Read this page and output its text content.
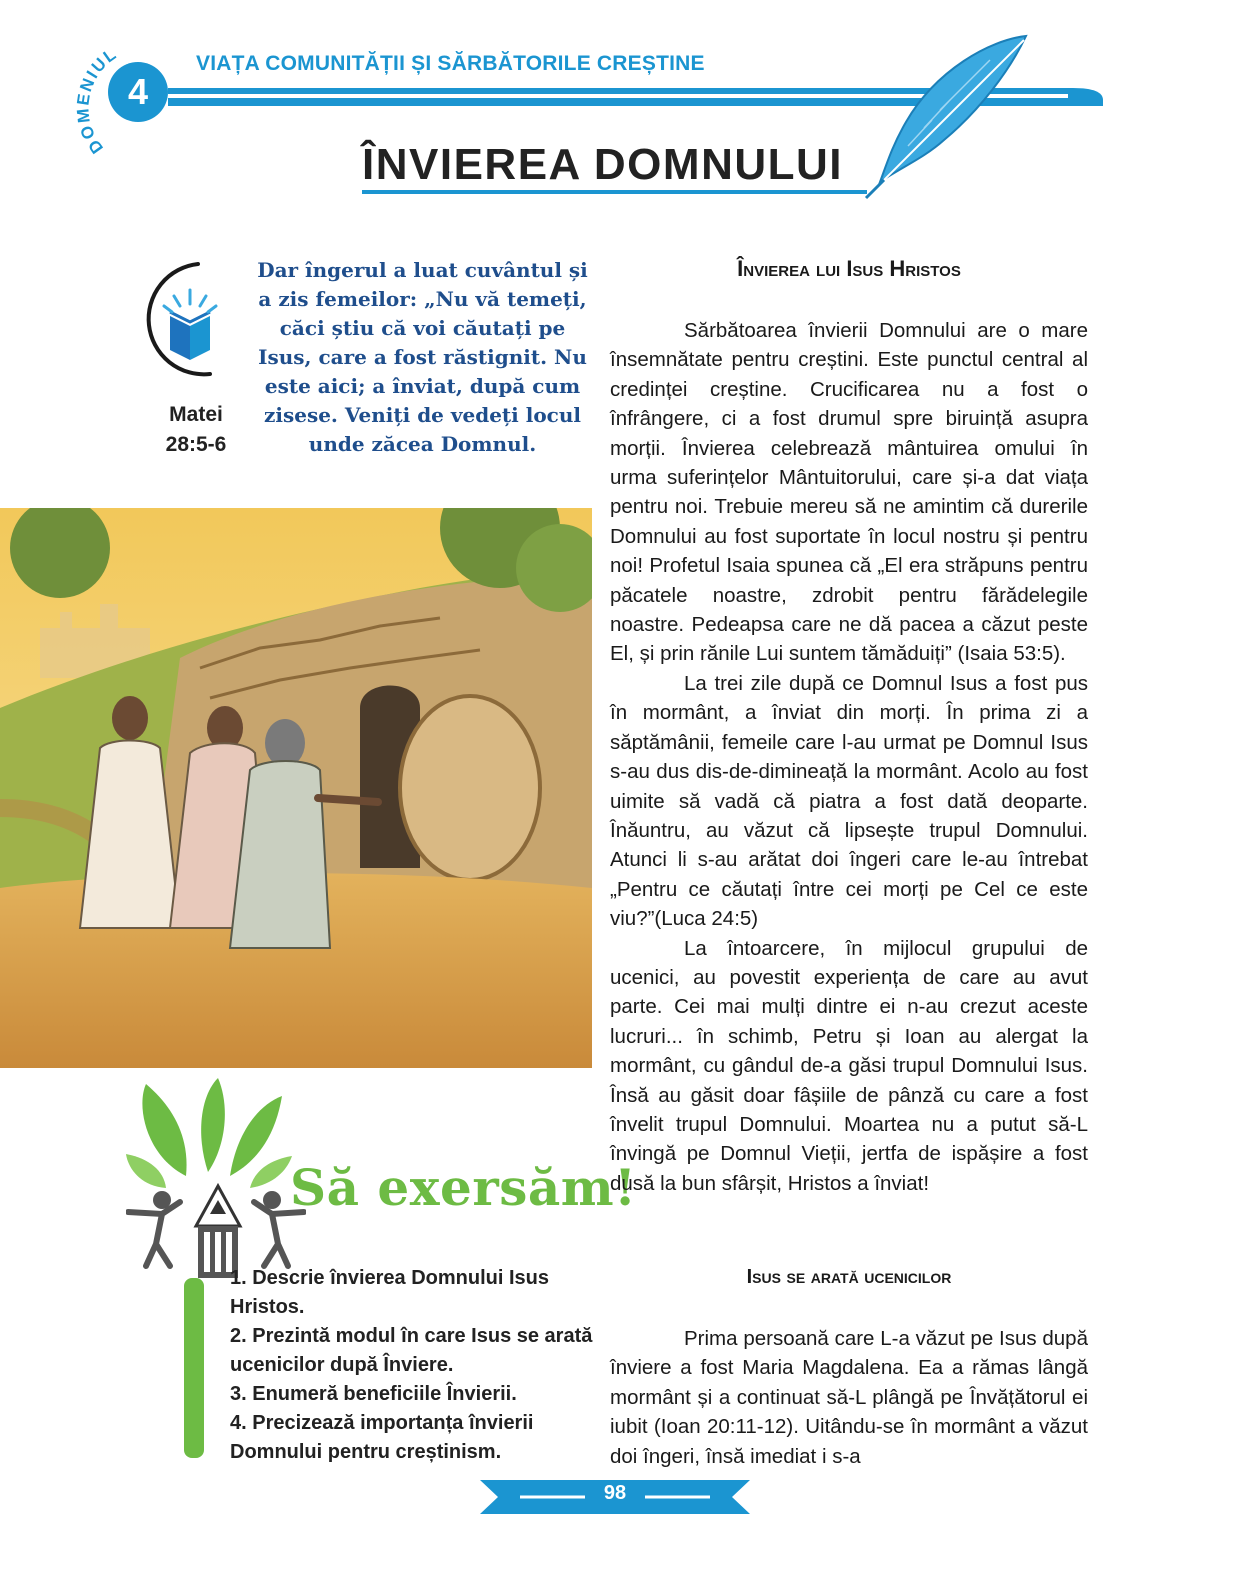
DOMENIUL
4
VIAȚA COMUNITĂȚII ȘI SĂRBĂTORILE CREȘTINE
ÎNVIEREA DOMNULUI
Matei 28:5-6
Dar îngerul a luat cuvântul și a zis femeilor: „Nu vă temeți, căci știu că voi căutați pe Isus, care a fost răstignit. Nu este aici; a înviat, după cum zisese. Veniți de vedeți locul unde zăcea Domnul.
Să exersăm!
1. Descrie învierea Domnului Isus Hristos.
2. Prezintă modul în care Isus se arată ucenicilor după Înviere.
3. Enumeră beneficiile Învierii.
4. Precizează importanța învierii Domnului pentru creștinism.
Învierea lui Isus Hristos

Sărbătoarea învierii Domnului are o mare însemnătate pentru creștini. Este punctul central al credinței creștine. Crucificarea nu a fost o înfrângere, ci a fost drumul spre biruință asupra morții. Învierea celebrează mântuirea omului în urma suferințelor Mântuitorului, care și-a dat viața pentru noi. Trebuie mereu să ne amintim că durerile Domnului au fost suportate în locul nostru și pentru noi! Profetul Isaia spunea că „El era străpuns pentru păcatele noastre, zdrobit pentru fărădelegile noastre. Pedeapsa care ne dă pacea a căzut peste El, și prin rănile Lui suntem tămăduiți” (Isaia 53:5).

La trei zile după ce Domnul Isus a fost pus în mormânt, a înviat din morți. În prima zi a săptămânii, femeile care l-au urmat pe Domnul Isus s-au dus dis-de-dimineață la mormânt. Acolo au fost uimite să vadă că piatra a fost dată deoparte. Înăuntru, au văzut că lipsește trupul Domnului. Atunci li s-au arătat doi îngeri care le-au întrebat „Pentru ce căutați între cei morți pe Cel ce este viu?”(Luca 24:5)

La întoarcere, în mijlocul grupului de ucenici, au povestit experiența de care au avut parte. Cei mai mulți dintre ei n-au crezut aceste lucruri... în schimb, Petru și Ioan au alergat la mormânt, cu gândul de-a găsi trupul Domnului Isus. Însă au găsit doar fâșiile de pânză cu care a fost învelit trupul Domnului. Moartea nu a putut să-L învingă pe Domnul Vieții, jertfa de ispășire a fost dusă la bun sfârșit, Hristos a înviat!

Isus se arată ucenicilor

Prima persoană care L-a văzut pe Isus după înviere a fost Maria Magdalena. Ea a rămas lângă mormânt și a continuat să-L plângă pe Învățătorul ei iubit (Ioan 20:11-12). Uitându-se în mormânt a văzut doi îngeri, însă imediat i s-a

98
